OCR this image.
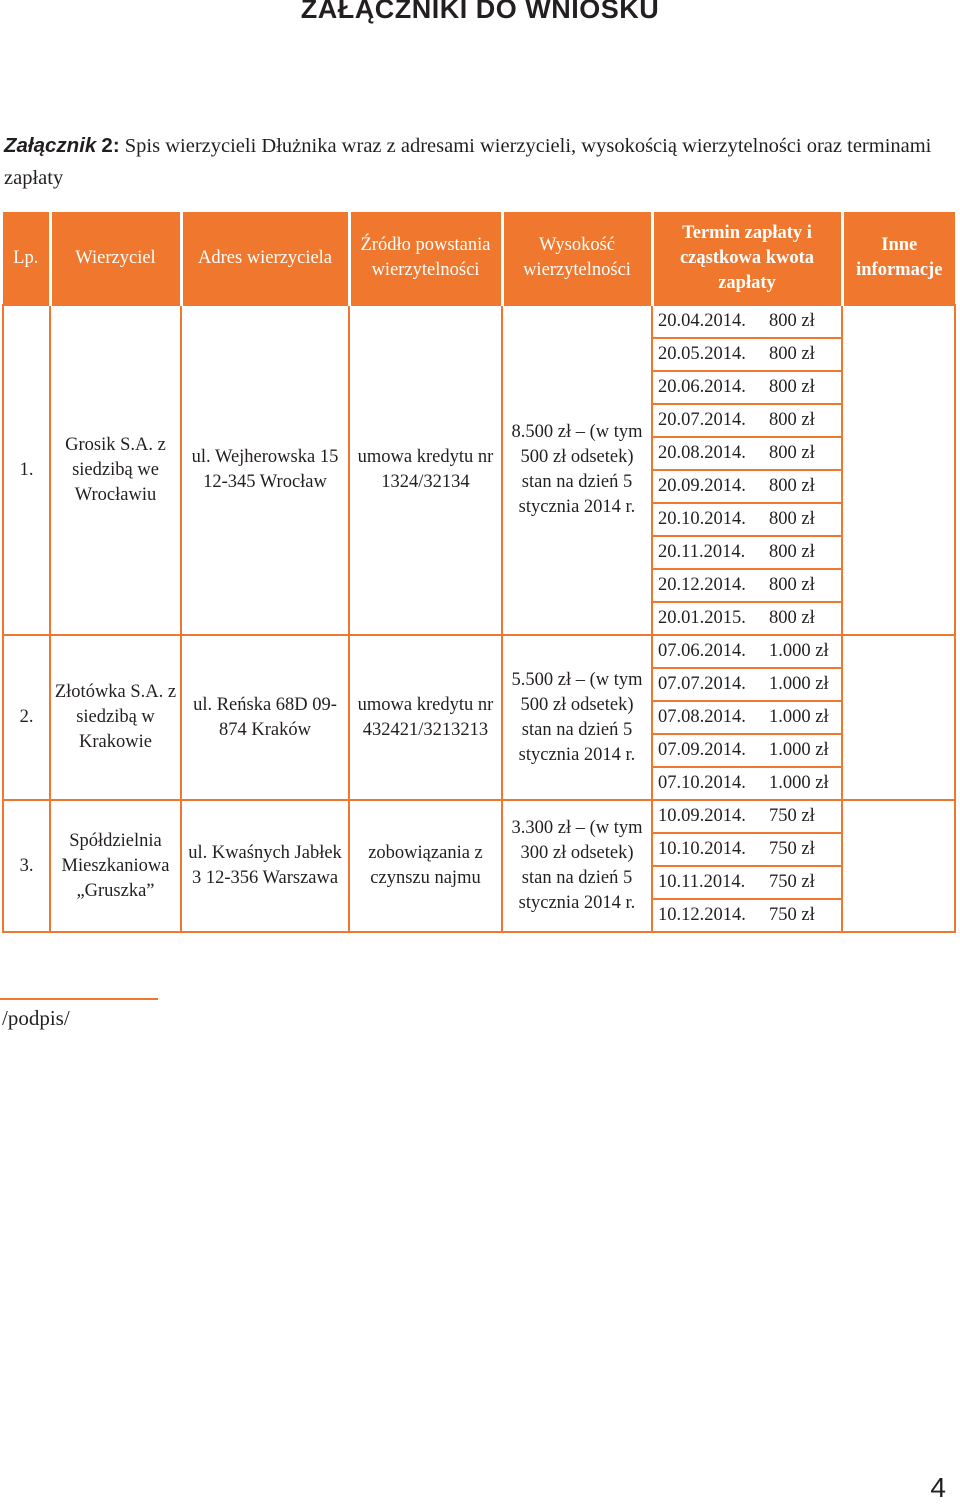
ZAŁĄCZNIKI DO WNIOSKU
Załącznik 2: Spis wierzycieli Dłużnika wraz z adresami wierzycieli, wysokością wierzytelności oraz terminami zapłaty
Lp.	Wierzyciel	Adres wierzyciela	Źródło powstania wierzytelności	Wysokość wierzytelności	Termin zapłaty i cząstkowa kwota zapłaty		Inne informacje
1.	Grosik S.A. z siedzibą we Wrocławiu	ul. Wejherowska 15 12-345 Wrocław	umowa kredytu nr 1324/32134	8.500 zł – (w tym 500 zł odsetek) stan na dzień 5 stycznia 2014 r.	20.04.2014.	800 zł	
					20.05.2014.	800 zł	
					20.06.2014.	800 zł	
					20.07.2014.	800 zł	
					20.08.2014.	800 zł	
					20.09.2014.	800 zł	
					20.10.2014.	800 zł	
					20.11.2014.	800 zł	
					20.12.2014.	800 zł	
					20.01.2015.	800 zł	
2.	Złotówka S.A. z siedzibą w Krakowie	ul. Reńska 68D 09-874 Kraków	umowa kredytu nr 432421/3213213	5.500 zł – (w tym 500 zł odsetek) stan na dzień 5 stycznia 2014 r.	07.06.2014.	1.000 zł	
					07.07.2014.	1.000 zł	
					07.08.2014.	1.000 zł	
					07.09.2014.	1.000 zł	
					07.10.2014.	1.000 zł	
3.	Spółdzielnia Mieszkaniowa „Gruszka”	ul. Kwaśnych Jabłek 3 12-356 Warszawa	zobowiązania z czynszu najmu	3.300 zł – (w tym 300 zł odsetek) stan na dzień 5 stycznia 2014 r.	10.09.2014.	750 zł	
					10.10.2014.	750 zł	
					10.11.2014.	750 zł	
					10.12.2014.	750 zł	
/podpis/
4
